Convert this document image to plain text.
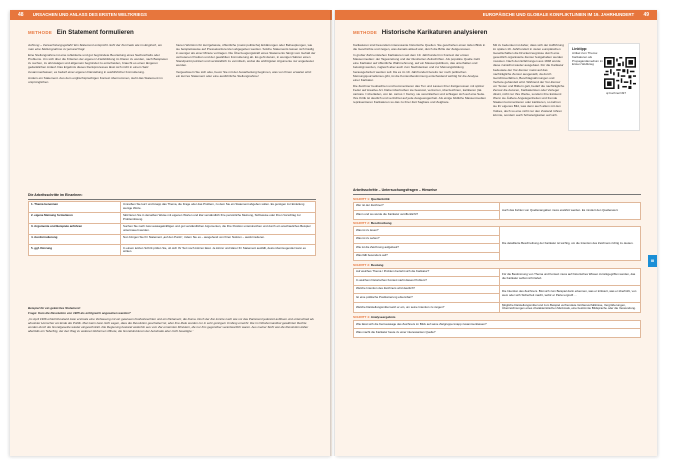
48 URSACHEN UND ANLASS DES ERSTEN WELTKRIEGS
METHODE Ein Statement formulieren

Achtung – Verwechslungsgefahr! Ein Statement entspricht nicht der Kurzrede wie im Englisch, wo man eine Stellungnahme zu jemand fragt.

Eine Stellungnahme ist eine reflektierte und gut begründete Beurteilung eines Sachverhalts oder Problems. Um sich über die Kriterien der eigenen Urteilsbildung im Klaren zu werden, nach Beispielen zu suchen, zu abzuwägen und allgemein begründet zu entscheiden, braucht es einen längeren gedanklichen Anlauf. Das Ergebnis dieses Denkprozesses lässt sich nicht in einem Satz zusammenfassen; es bedarf einer eigenen Darstellung in ausführlicher Formulierung.

Anders ein Statement. Aus dem englischsprachigen Kontext übernommen, steht das Statement im ursprünglichen

hieren Wortsinn für kurzgefasste, öffentliche (meist politische) Erklärungen oder Behauptungen, wie sie beispielsweise auf Pressekonferenzen abgegeben werden. Solche Statements lassen sich häufig in weniger als einer Minute vortragen. Die Überzeugungskraft eines Statements hängt vom Gehalt der vertretenen Position und der gewählten Formulierung ab. Es geht darum, in wenigen Sätzen einen Standpunkt pointiert und verständlich zu vermitteln, wobei die wichtigsten Argumente nur angedeutet werden.

Vergewissern Sie sich also, bevor Sie mit der Ausarbeitung beginnen, was von Ihnen erwartet wird: ein kurzes Statement oder eine ausführliche Stellungnahme!

Die Arbeitsschritte im Einzelnen:
1. Thema benennen	Umreißen Sie kurz und knapp das Thema, die Frage oder das Problem, zu dem Sie ein Statement abgeben sollen. Es genügen zur Einleitung wenige Worte.
2. eigene Meinung formulieren	Skizzieren Sie in derselben Weise mit eigenen Worten und klar verständlich Ihre persönliche Meinung, Sichtweise oder Ihren Vorschlag zur Problemlösung.
3. Argumente und Beispiele anführen	Suchen Sie nach zwei aussagekräftigen und gut verständlichen Argumenten, die Ihre Position unterstreichen und durch ein anschauliches Beispiel untermauert werden.
4. Ausformulierung	Nun bringen Sie Ihr Statement „auf den Punkt“, indem Sie es – ausgehend von Ihren Notizen – ausformulieren.
5. ggf. Kürzung	In einem letzten Schritt prüfen Sie, ob sich Ihr Text noch kürzen lässt. Je kürzer und klarer Ihr Statement ausfällt, desto überzeugender kann es wirken.
Beispiel für ein gekürztes Statement:
Frage: Kam die Revolution von 1905 als erfolgreich angesehen werden?
„Im April 1906 erhielt Russland zwar erstmals eine Verfassung mit ein gewissen Freiheitsrechten und ein Parlament, die Duma. Doch der Zar konnte nach wie vor das Parlament jederzeit auflösen und unterschied als absoluter Herrscher am Ende die Politik. Man kann zwar nicht sagen, dass die Revolution gescheitert ist, aber ihre Ziele wurden nur in sehr geringem Umfang erreicht. Die im Oktobermanifest gewährten Rechte wurden durch die Grundgesetze wieder eingeschränkt. Die Regierung bestand weiterhin aus vom Zar ernannten Ministern, die nur ihm gegenüber verantwortlich waren. Aus meiner Sicht war die Revolution daher allenfalls ein Teilerfolg, der den Weg zu weiteren Reformen öffnete, die Grundstrukturen der Autokratie aber nicht beseitigte.“
EUROPÄISCHE UND GLOBALE KONFLIKTLINIEN IM 19. JAHRHUNDERT 49
METHODE Historische Karikaturen analysieren

Karikaturen sind besonders interessante historische Quellen. Sie geschehen einen tiefen Blick in die Geschichte und zeigen, was damals aktuell war, durch die Brille der Zeitgenossen.

In großer Zahl entstehen Karikaturen seit dem 19. Jahrhundert im Kontext der ersten Massenmedien: der Tageszeitung und der illustrierten Zeitschriften. Als populäre Quelle zieht eine Karikatur auf öffentliche Wahrnehmung, auf ein Massenpublikum, das unterhalten und belustigt werden, zugleich aber auch zum Nachdenken und zur Meinungsbildung herausgefordert werden soll. Da es im 19. Jahrhundert bereits nur noch politischen Meinungsjournalismus gibt, ist die Kontextbestimmung entscheidend wichtig für die Analyse einer Karikatur.

Die Zeichner beobachten und kommentieren das Tun und Lassen ihrer Zeitgenossen mit spitzer Feder auf kreative Art. Dabei übertreiben sie bewusst, verzerren, überzeichnen, karikieren (lat. caricare = überladen, von lat. carrus = Karre), sie vereinfachen und schlagen sich auf eine Seite. Ihre Kritik ist deutlich und verzichtet auf jede Ausgewogenheit. Als einige bildliche Massenmedien repräsentieren Karikaturen so das zu ihrer Zeit Sagbare und Zeigbare.

Mit zu bedenken ist daher, dass sich der Aufführung im späten 19. Jahrhundert in vielen europäischen Gesellschaften die Druckerzeugnisse durch eine gesetzlich organisierte Zensur festgehalten werden mussten. Nach den Erfahrungen aus 1848 wurde diese zunächst wieder ausgebaut. Für die Karikatur bedeutete der Vor-Zensur meist auf das nachträgliche Zensur ausgestellt, da durch Gerichtsverfahren, Beschlagnahmungen und Verbote gehandelt wird. Während der Vor-Zensur vor Texten und Bildern galt, bedarf die nachträgliche Zensur die Autoren, Karikaturisten oder Verleger direkt, nicht nur ihre Werke, sondern ihre Existenz. Wenn sie Äußere Angelegenheiten und fremde Staaten kommentieren oder karikieren, so kehren sie ihr eigenes Bild, was denn auch allem mit den Volkes, doch so eine nicht nur den Zustand rühren könnte, sondern auch Schwierigkeiten auf sich.

Linktipp:
Artikel zum Thema: Karikaturen als Propagandamedium im Ersten Weltkrieg
qr.buchner/497
Arbeitsschritte – Untersuchungsfragen – Hinweise
SCHRITT 1: Quellenkritik
Wer ist der Zeichner?	Auch das Fehlen von Quellenangaben muss erwähnt werden. Es mindert den Quellenwert.
Wann und wo wurde die Karikatur veröffentlicht?
SCHRITT 2: Beschreibung
Was ist zu lesen?	Die detaillierte Beschreibung der Karikatur ist wichtig, um die Intention des Zeichners richtig zu deuten.
Was ist zu sehen?
Wie ist die Zeichnung aufgebaut?
Was fällt besonders auf?
SCHRITT 3: Deutung
Auf welches Thema / Problem bezieht sich die Karikatur?	Für die Bestimmung von Thema und Kontext muss auf historisches Wissen zurückgegriffen werden, das die Karikatur selbst nicht liefert.
In welchem historischen Kontext steht dieses Problem?	
Welche Intention des Zeichners wird deutlich?	Die Intention des Zeichners. Bist sich zum Beispiel darin erkennen, was er kritisiert, was er überhöht, von wem oder sich Sicherheit macht, wofür er Partei ergreift …
Ist eine politische Positionierung erkennbar?	
Welche Darstellungsmittel setzt er ein, um seine Intention zu zeigen?	Mögliche Darstellungsmittel und zum Beispiel verfremdete Größenverhältnisse, Vergrößerungen, Überzeichnungen eines charakteristischen Merkmals, eine bestimmte Bildsprache oder die Verwendung.
SCHRITT 4: Analyseergebnis
Wie lässt sich die Kernaussage des Zeichners im Blick auf seine Zielgruppe knapp zusammenfassen?
Was macht die Karikatur heute zu einer interessanten Quelle?
III
